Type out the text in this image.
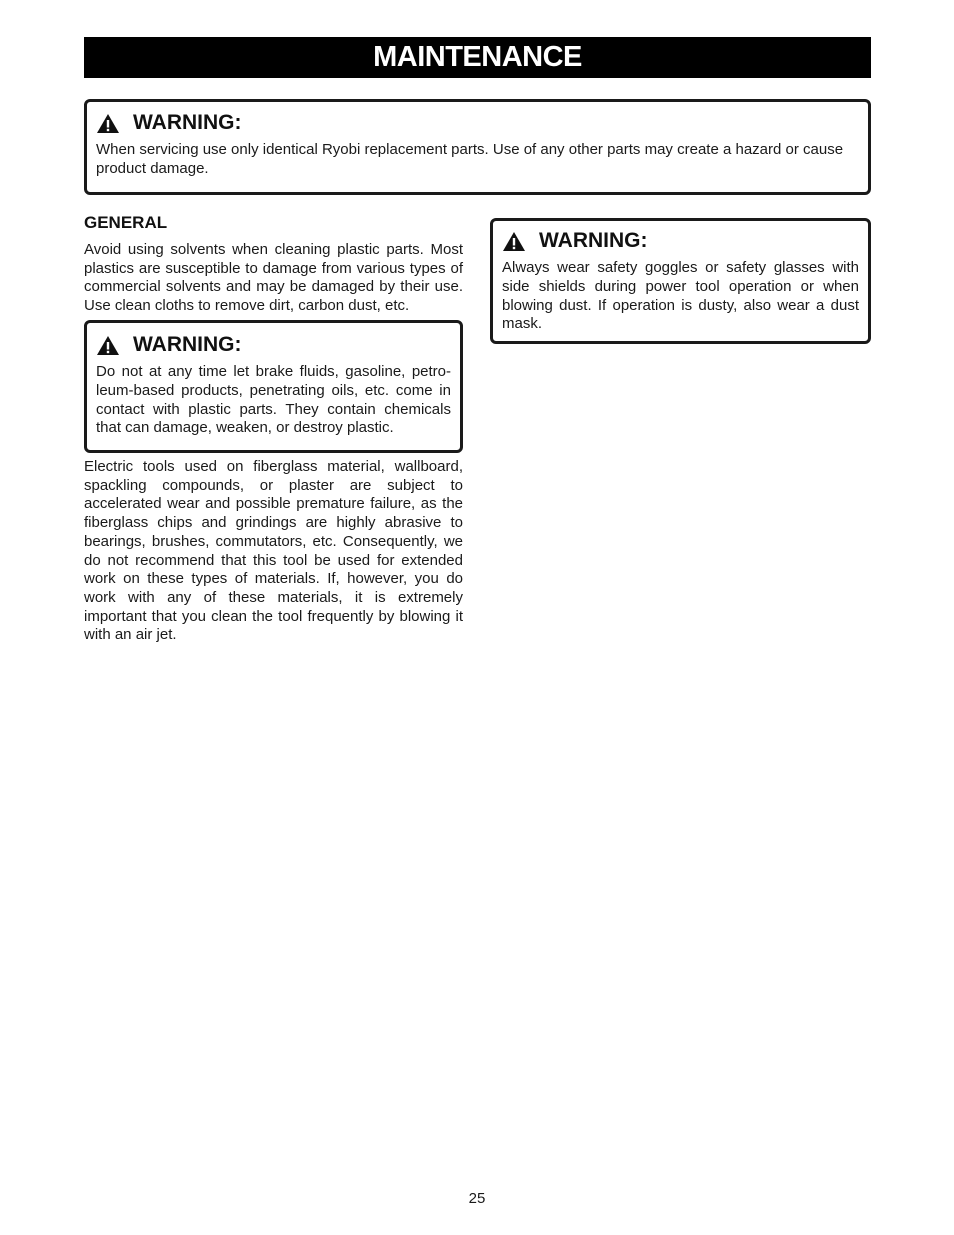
MAINTENANCE
WARNING:
When servicing use only identical Ryobi replacement parts. Use of any other parts may create a hazard or cause product damage.
GENERAL
Avoid using solvents when cleaning plastic parts. Most plastics are susceptible to damage from various types of commercial solvents and may be damaged by their use. Use clean cloths to remove dirt, carbon dust, etc.
WARNING:
Do not at any time let brake fluids, gasoline, petro-leum-based products, penetrating oils, etc. come in contact with plastic parts. They contain chemicals that can damage, weaken, or destroy plastic.
Electric tools used on fiberglass material, wallboard, spackling compounds, or plaster are subject to accelerated wear and possible premature failure, as the fiberglass chips and grindings are highly abrasive to bearings, brushes, commutators, etc. Consequently, we do not recommend that this tool be used for extended work on these types of materials. If, however, you do work with any of these materials, it is extremely important that you clean the tool frequently by blowing it with an air jet.
WARNING:
Always wear safety goggles or safety glasses with side shields during power tool operation or when blowing dust. If operation is dusty, also wear a dust mask.
25
